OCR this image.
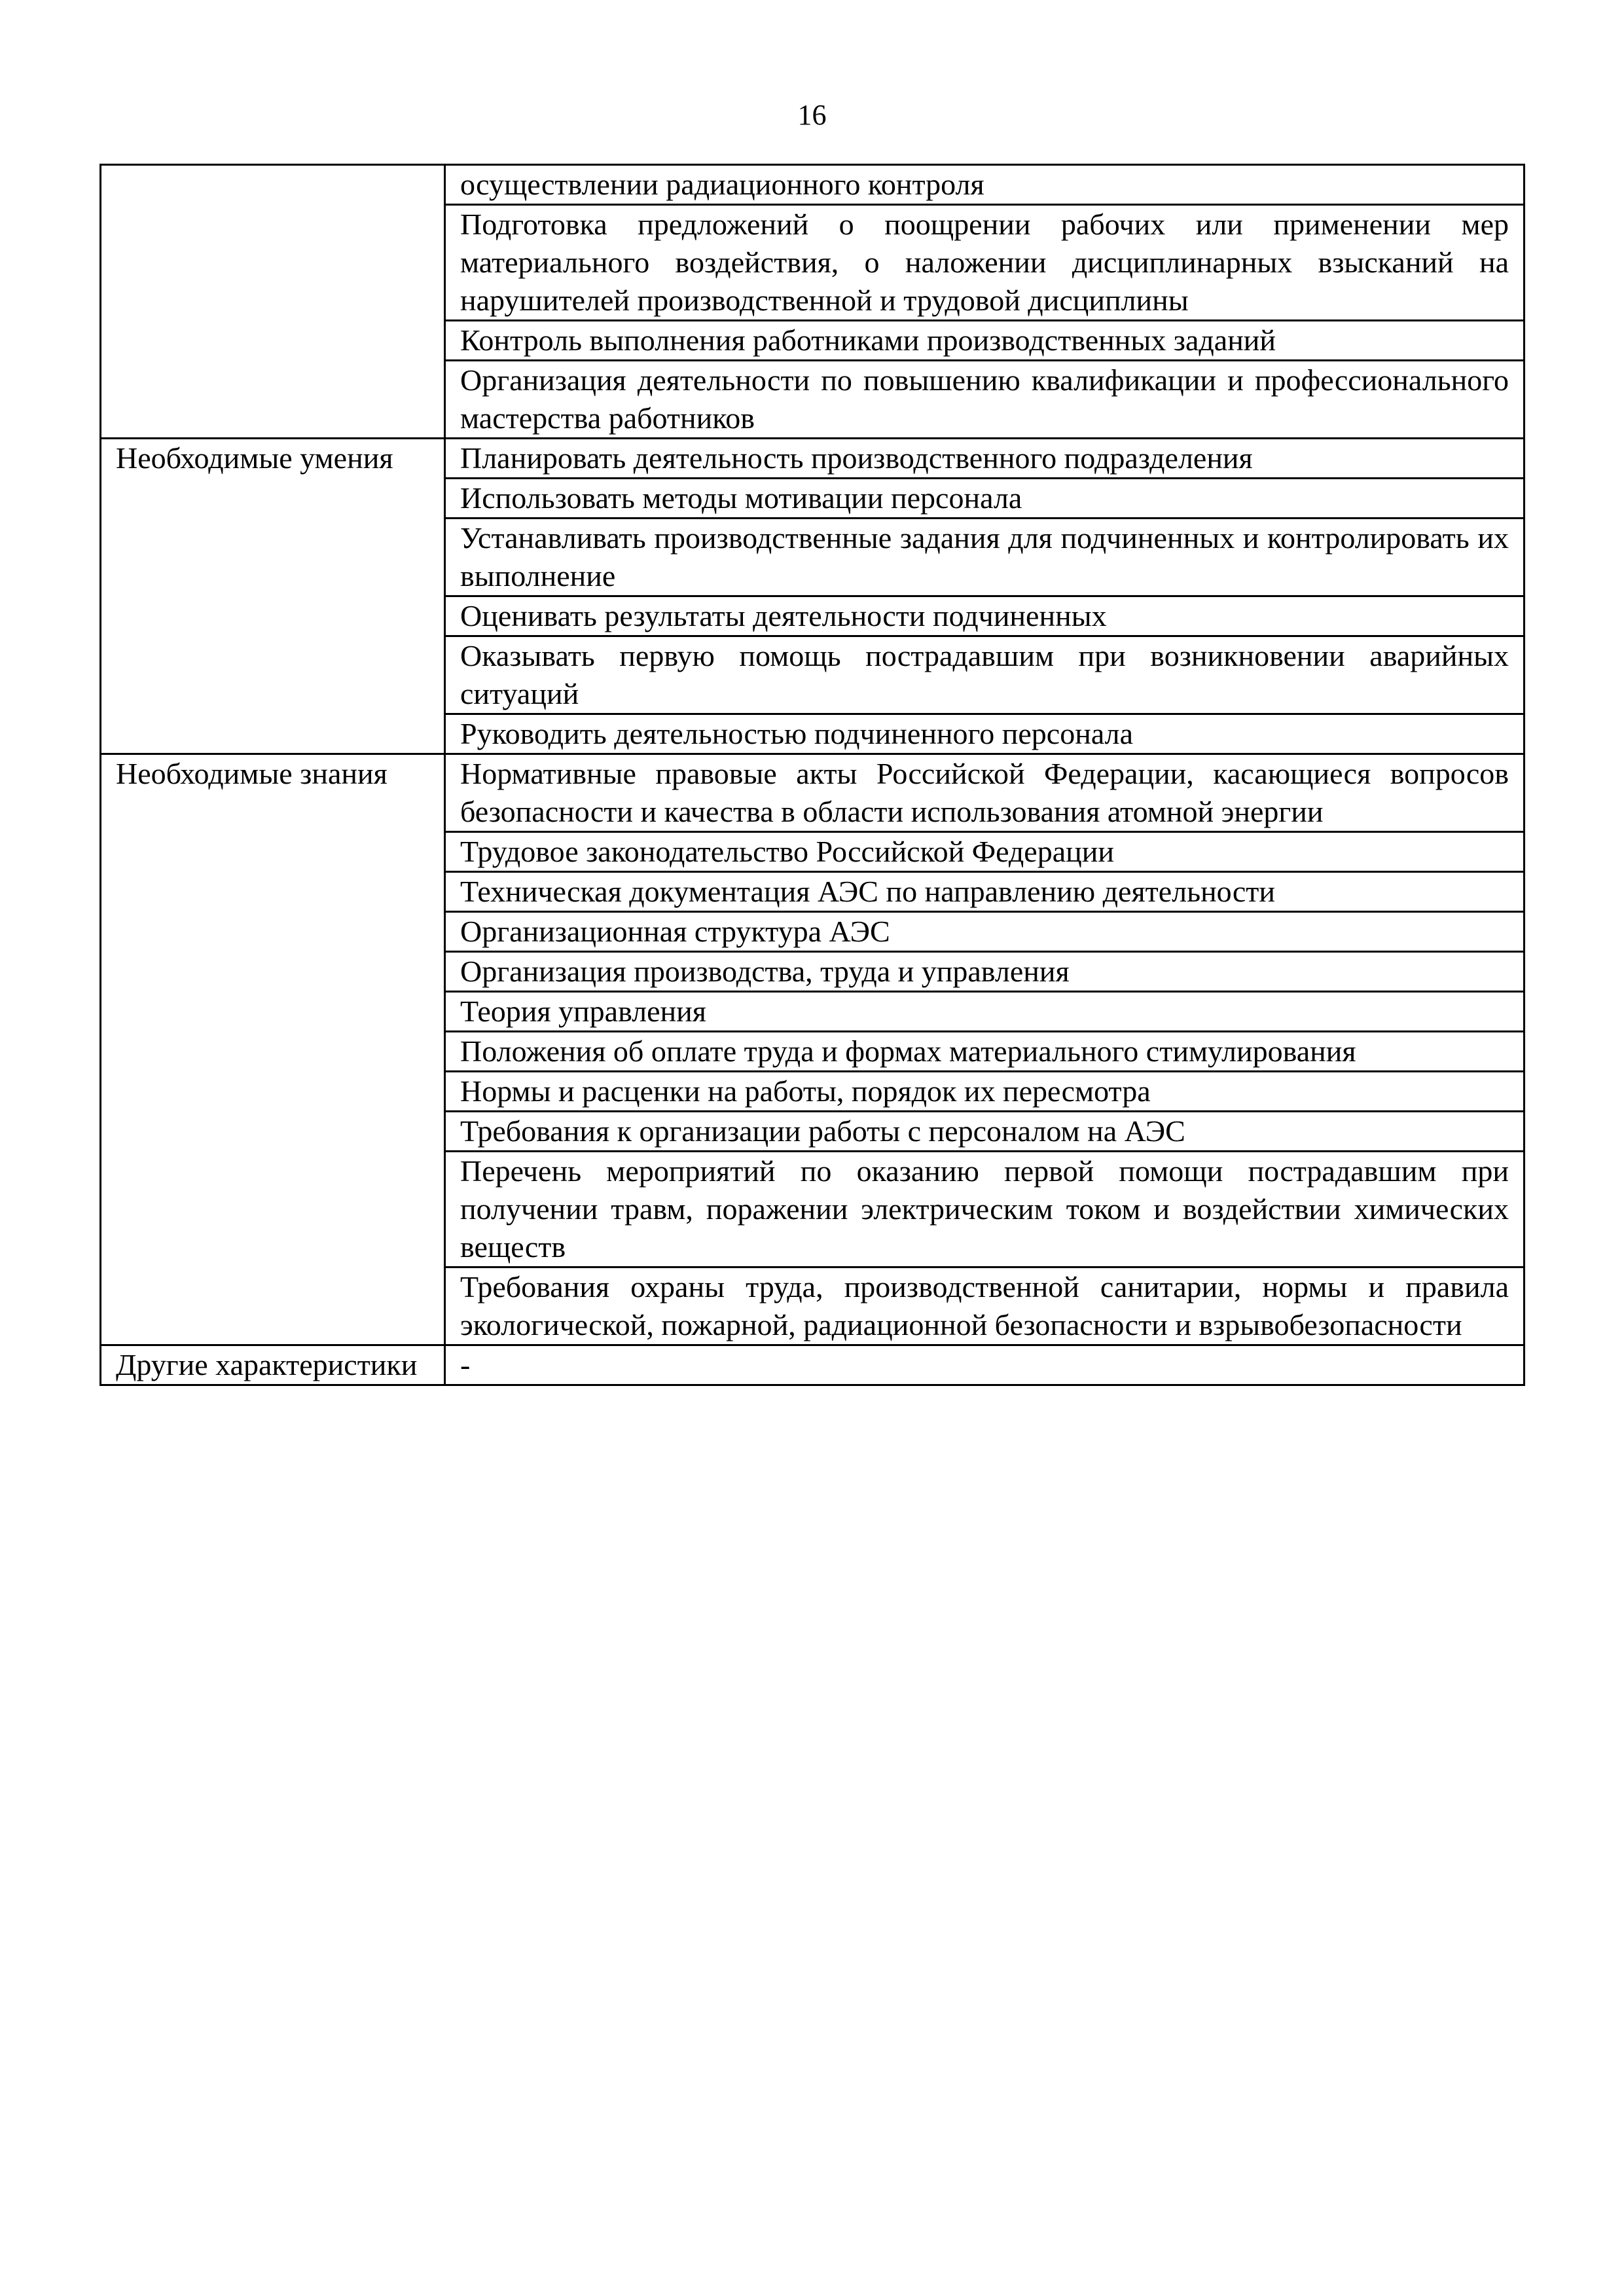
16
	осуществлении радиационного контроля
	Подготовка предложений о поощрении рабочих или применении мер материального воздействия, о наложении дисциплинарных взысканий на нарушителей производственной и трудовой дисциплины
	Контроль выполнения работниками производственных заданий
	Организация деятельности по повышению квалификации и профессионального мастерства работников
Необходимые умения	Планировать деятельность производственного подразделения
	Использовать методы мотивации персонала
	Устанавливать производственные задания для подчиненных и контролировать их выполнение
	Оценивать результаты деятельности подчиненных
	Оказывать первую помощь пострадавшим при возникновении аварийных ситуаций
	Руководить деятельностью подчиненного персонала
Необходимые знания	Нормативные правовые акты Российской Федерации, касающиеся вопросов безопасности и качества в области использования атомной энергии
	Трудовое законодательство Российской Федерации
	Техническая документация АЭС по направлению деятельности
	Организационная структура АЭС
	Организация производства, труда и управления
	Теория управления
	Положения об оплате труда и формах материального стимулирования
	Нормы и расценки на работы, порядок их пересмотра
	Требования к организации работы с персоналом на АЭС
	Перечень мероприятий по оказанию первой помощи пострадавшим при получении травм, поражении электрическим током и воздействии химических веществ
	Требования охраны труда, производственной санитарии, нормы и правила экологической, пожарной, радиационной безопасности и взрывобезопасности
Другие характеристики	-
